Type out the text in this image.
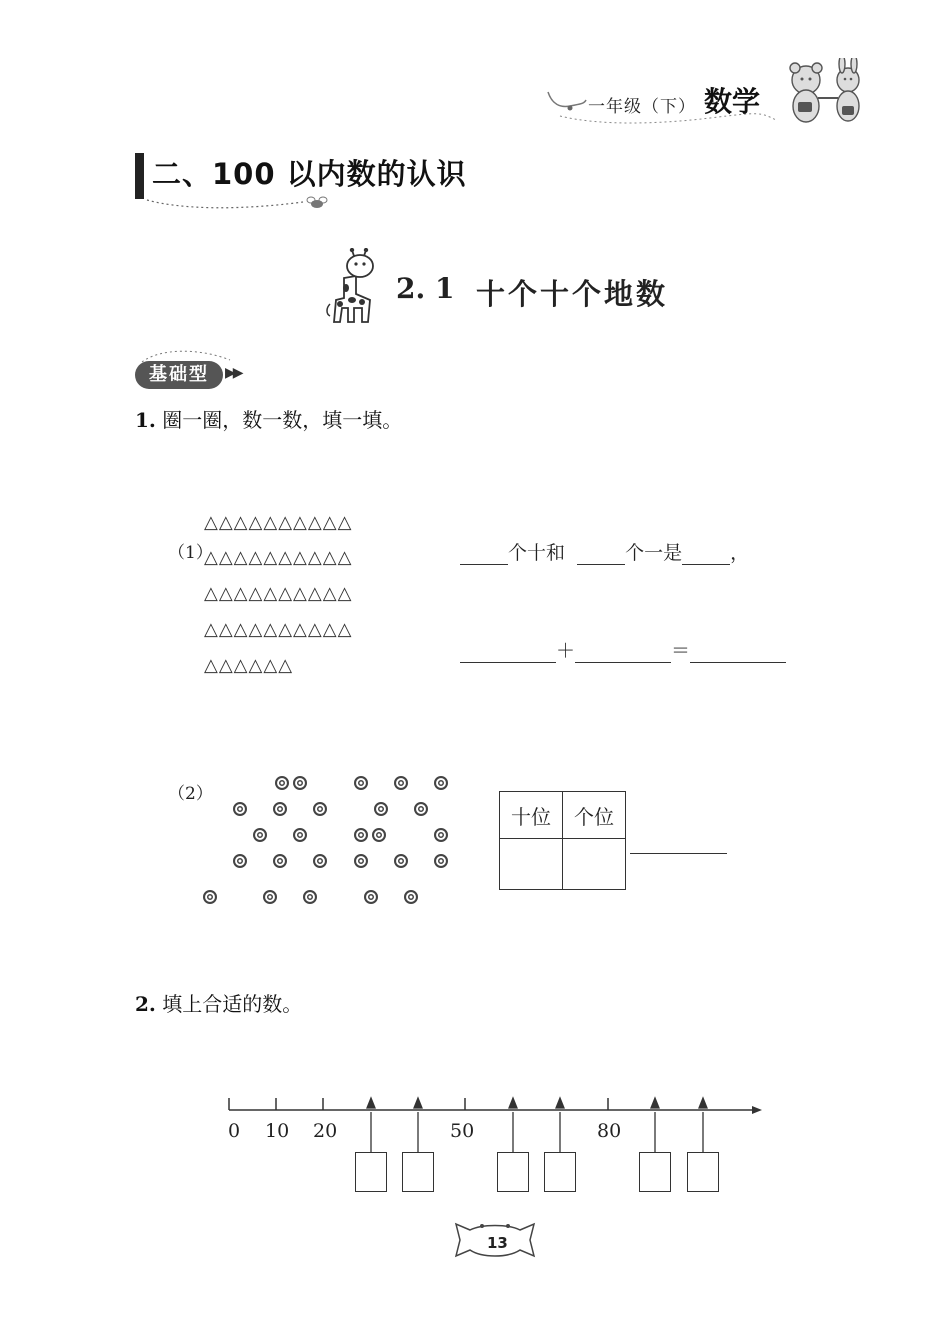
一年级（下） 数学
二、100 以内数的认识
2. 1 十个十个地数
基础型	▶▶
1. 圈一圈，数一数，填一填。
（1）
△△△△△△△△△△
△△△△△△△△△△
△△△△△△△△△△
△△△△△△△△△△
△△△△△△
个十和	个一是	，
＋	＝
（2）
十位	个位

2. 填上合适的数。
0 10 20	50	80
13
